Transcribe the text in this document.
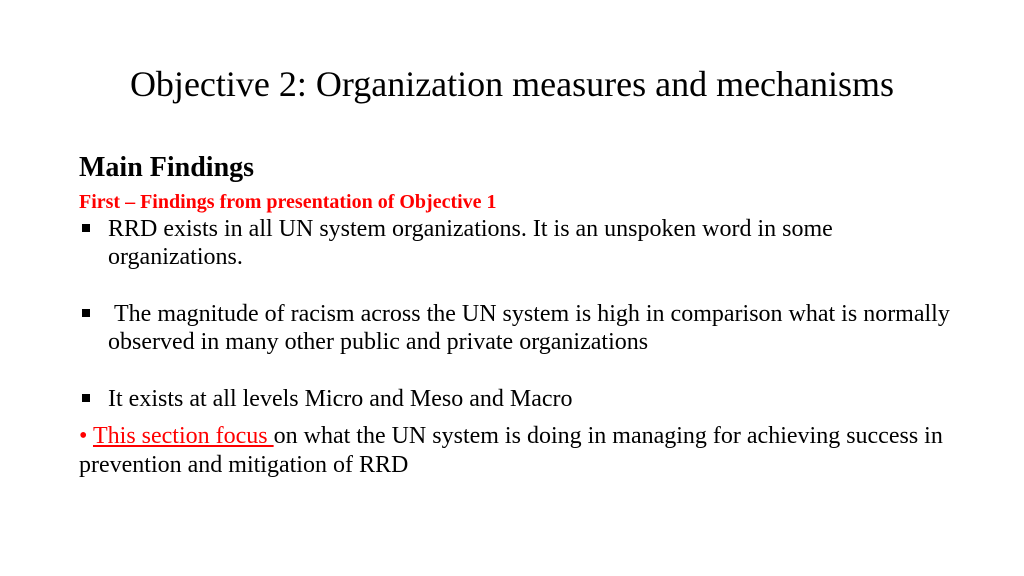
Objective 2: Organization measures and mechanisms
Main Findings
First – Findings from presentation of Objective 1
RRD exists in all UN system organizations. It is an unspoken word in some organizations.
The magnitude of racism across the UN system is high in comparison what is normally observed in many other public and private organizations
It exists at all levels Micro and Meso and Macro
• This section focus on what the UN system is doing in managing for achieving success in prevention and mitigation of RRD
